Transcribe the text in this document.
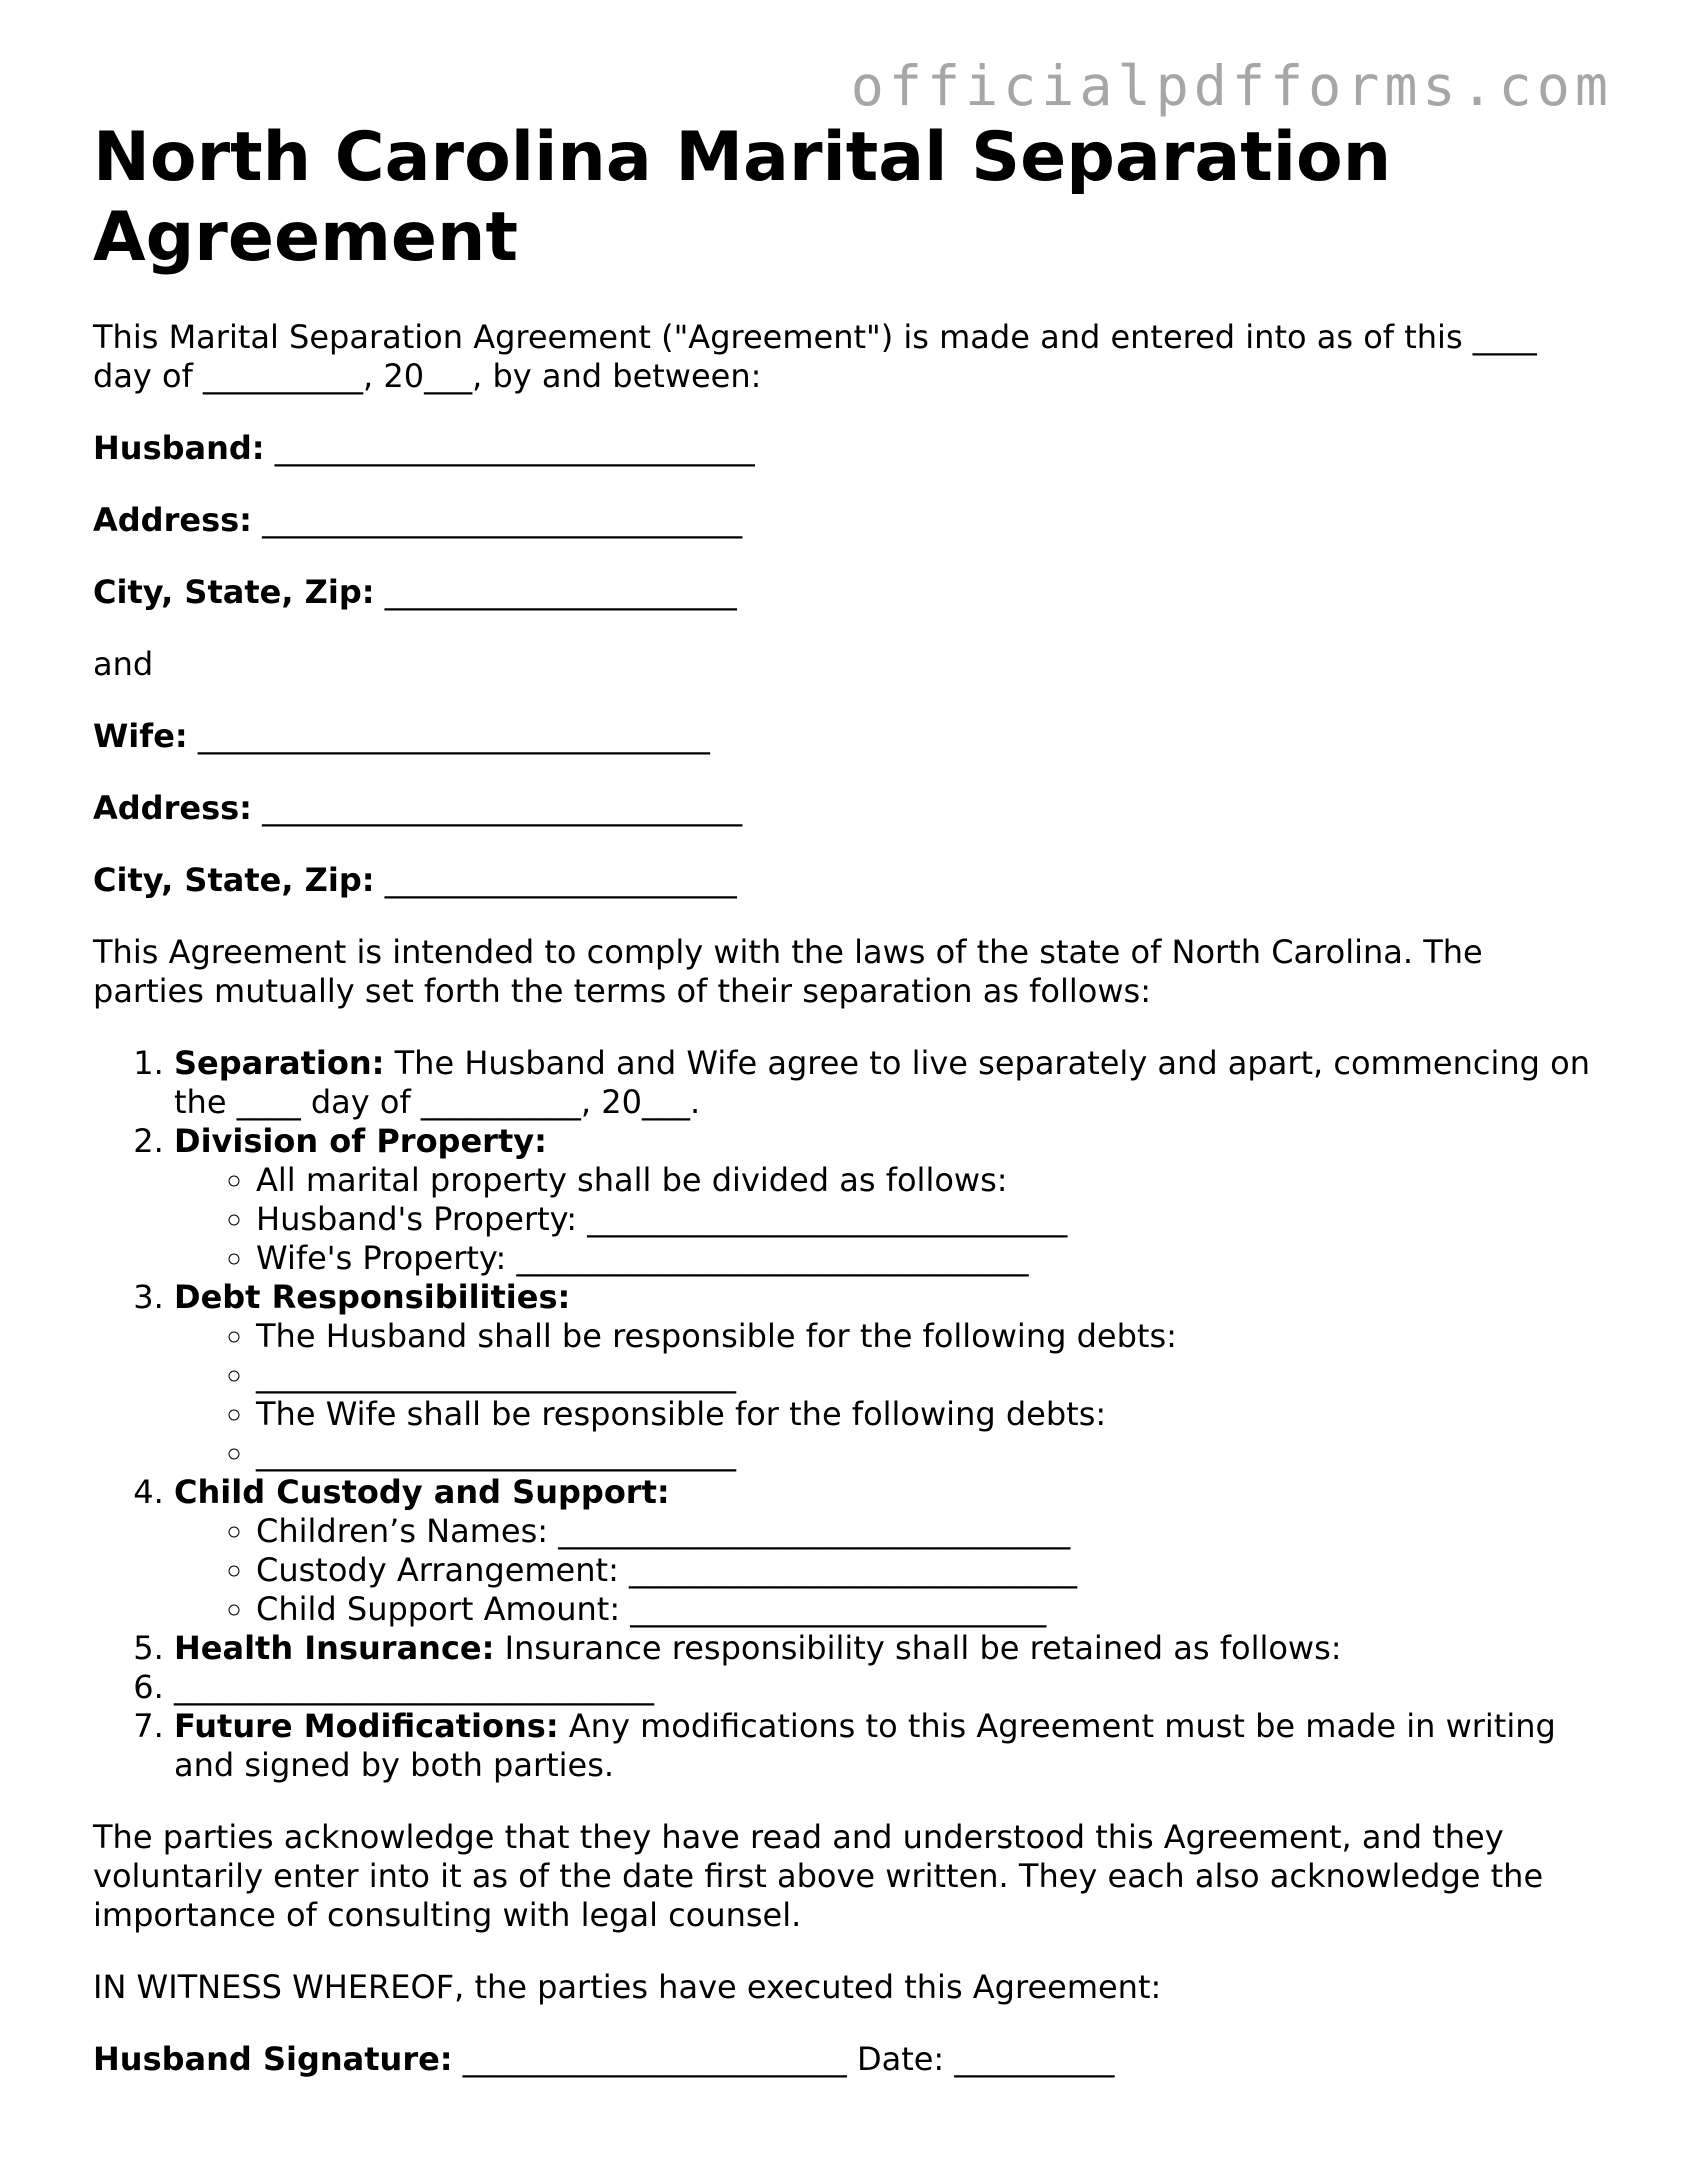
officialpdfforms.com
North Carolina Marital Separation Agreement

This Marital Separation Agreement ("Agreement") is made and entered into as of this ____ day of __________, 20___, by and between:

Husband: ______________________________

Address: ______________________________

City, State, Zip: ______________________

and

Wife: ________________________________

Address: ______________________________

City, State, Zip: ______________________

This Agreement is intended to comply with the laws of the state of North Carolina. The parties mutually set forth the terms of their separation as follows:

1. Separation: The Husband and Wife agree to live separately and apart, commencing on the ____ day of __________, 20___.
2. Division of Property:
◦ All marital property shall be divided as follows:
◦ Husband's Property: ______________________________
◦ Wife's Property: ________________________________
3. Debt Responsibilities:
◦ The Husband shall be responsible for the following debts:
◦ ______________________________
◦ The Wife shall be responsible for the following debts:
◦ ______________________________
4. Child Custody and Support:
◦ Children’s Names: ________________________________
◦ Custody Arrangement: ____________________________
◦ Child Support Amount: __________________________
5. Health Insurance: Insurance responsibility shall be retained as follows:
6. ______________________________
7. Future Modifications: Any modifications to this Agreement must be made in writing and signed by both parties.

The parties acknowledge that they have read and understood this Agreement, and they voluntarily enter into it as of the date first above written. They each also acknowledge the importance of consulting with legal counsel.

IN WITNESS WHEREOF, the parties have executed this Agreement:

Husband Signature: ________________________ Date: __________
